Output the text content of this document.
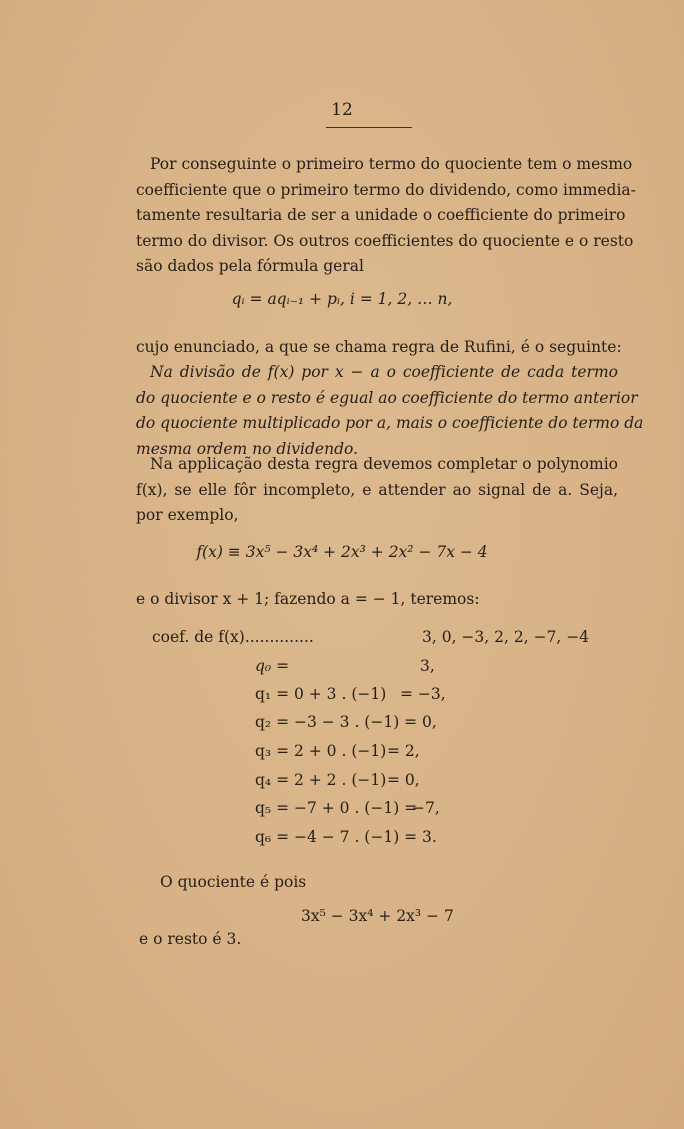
12
Por conseguinte o primeiro termo do quociente tem o mesmo
coefficiente que o primeiro termo do dividendo, como immedia-
tamente resultaria de ser a unidade o coefficiente do primeiro
termo do divisor. Os outros coefficientes do quociente e o resto
são dados pela fórmula geral
qᵢ = aqᵢ₋₁ + pᵢ, i = 1, 2, … n,
cujo enunciado, a que se chama regra de Rufini, é o seguinte:
Na divisão de f(x) por x − a o coefficiente de cada termo
do quociente e o resto é egual ao coefficiente do termo anterior
do quociente multiplicado por a, mais o coefficiente do termo da
mesma ordem no dividendo.
Na applicação desta regra devemos completar o polynomio
f(x), se elle fôr incompleto, e attender ao signal de a. Seja,
por exemplo,
f(x) ≡ 3x⁵ − 3x⁴ + 2x³ + 2x² − 7x − 4
e o divisor x + 1; fazendo a = − 1, teremos:
coef. de f(x)..............	3, 0, −3, 2, 2, −7, −4
q₀ =	3,
q₁ = 0 + 3 . (−1) = −3,
q₂ = −3 − 3 . (−1) = 0,
q₃ = 2 + 0 . (−1) = 2,
q₄ = 2 + 2 . (−1) = 0,
q₅ = −7 + 0 . (−1) =
−7,
q₆ = −4 − 7 . (−1) = 3.
O quociente é pois
3x⁵ − 3x⁴ + 2x³ − 7
e o resto é 3.
